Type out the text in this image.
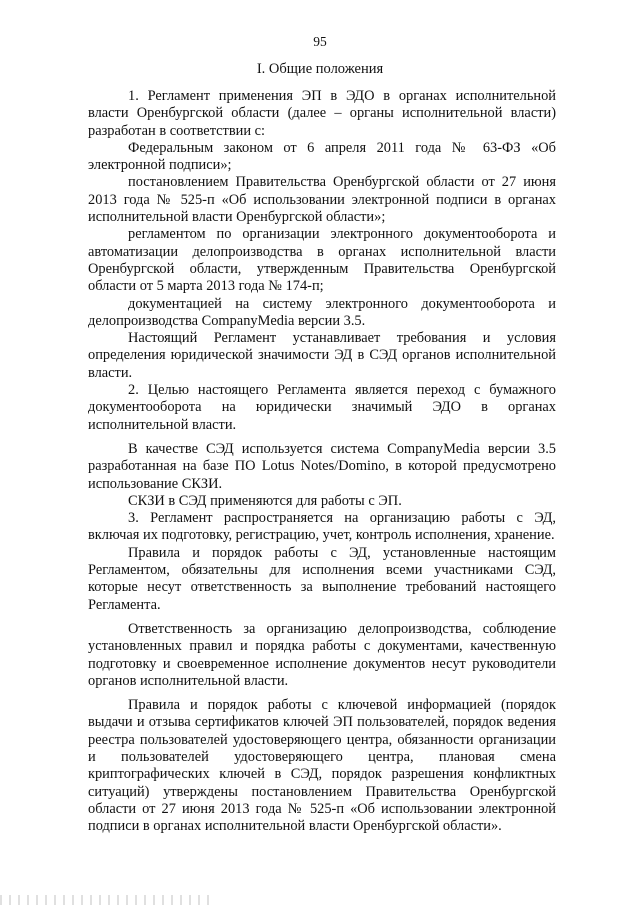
95
I. Общие положения

1. Регламент применения ЭП в ЭДО в органах исполнительной власти Оренбургской области (далее – органы исполнительной власти) разработан в соответствии с:

Федеральным законом от 6 апреля 2011 года № 63-ФЗ «Об электронной подписи»;

постановлением Правительства Оренбургской области от 27 июня 2013 года № 525-п «Об использовании электронной подписи в органах исполнительной власти Оренбургской области»;

регламентом по организации электронного документооборота и автоматизации делопроизводства в органах исполнительной власти Оренбургской области, утвержденным Правительства Оренбургской области от 5 марта 2013 года № 174-п;

документацией на систему электронного документооборота и делопроизводства CompanyMedia версии 3.5.

Настоящий Регламент устанавливает требования и условия определения юридической значимости ЭД в СЭД органов исполнительной власти.

2. Целью настоящего Регламента является переход с бумажного документооборота на юридически значимый ЭДО в органах исполнительной власти.

В качестве СЭД используется система CompanyMedia версии 3.5 разработанная на базе ПО Lotus Notes/Domino, в которой предусмотрено использование СКЗИ.

СКЗИ в СЭД применяются для работы с ЭП.

3. Регламент распространяется на организацию работы с ЭД, включая их подготовку, регистрацию, учет, контроль исполнения, хранение.

Правила и порядок работы с ЭД, установленные настоящим Регламентом, обязательны для исполнения всеми участниками СЭД, которые несут ответственность за выполнение требований настоящего Регламента.

Ответственность за организацию делопроизводства, соблюдение установленных правил и порядка работы с документами, качественную подготовку и своевременное исполнение документов несут руководители органов исполнительной власти.

Правила и порядок работы с ключевой информацией (порядок выдачи и отзыва сертификатов ключей ЭП пользователей, порядок ведения реестра пользователей удостоверяющего центра, обязанности организации и пользователей удостоверяющего центра, плановая смена криптографических ключей в СЭД, порядок разрешения конфликтных ситуаций) утверждены постановлением Правительства Оренбургской области от 27 июня 2013 года № 525-п «Об использовании электронной подписи в органах исполнительной власти Оренбургской области».
